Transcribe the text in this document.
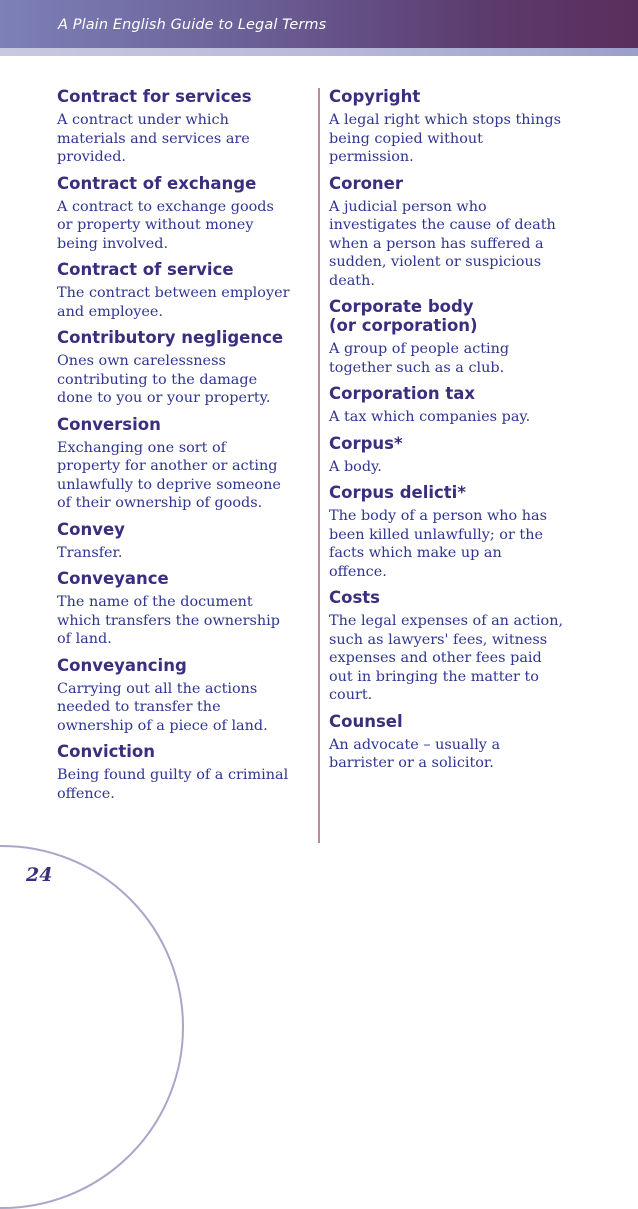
A Plain English Guide to Legal Terms
Contract for services
A contract under which
materials and services are
provided.
Contract of exchange
A contract to exchange goods
or property without money
being involved.
Contract of service
The contract between employer
and employee.
Contributory negligence
Ones own carelessness
contributing to the damage
done to you or your property.
Conversion
Exchanging one sort of
property for another or acting
unlawfully to deprive someone
of their ownership of goods.
Convey
Transfer.
Conveyance
The name of the document
which transfers the ownership
of land.
Conveyancing
Carrying out all the actions
needed to transfer the
ownership of a piece of land.
Conviction
Being found guilty of a criminal
offence.
Copyright
A legal right which stops things
being copied without
permission.
Coroner
A judicial person who
investigates the cause of death
when a person has suffered a
sudden, violent or suspicious
death.
Corporate body
(or corporation)
A group of people acting
together such as a club.
Corporation tax
A tax which companies pay.
Corpus*
A body.
Corpus delicti*
The body of a person who has
been killed unlawfully; or the
facts which make up an
offence.
Costs
The legal expenses of an action,
such as lawyers' fees, witness
expenses and other fees paid
out in bringing the matter to
court.
Counsel
An advocate – usually a
barrister or a solicitor.
24
